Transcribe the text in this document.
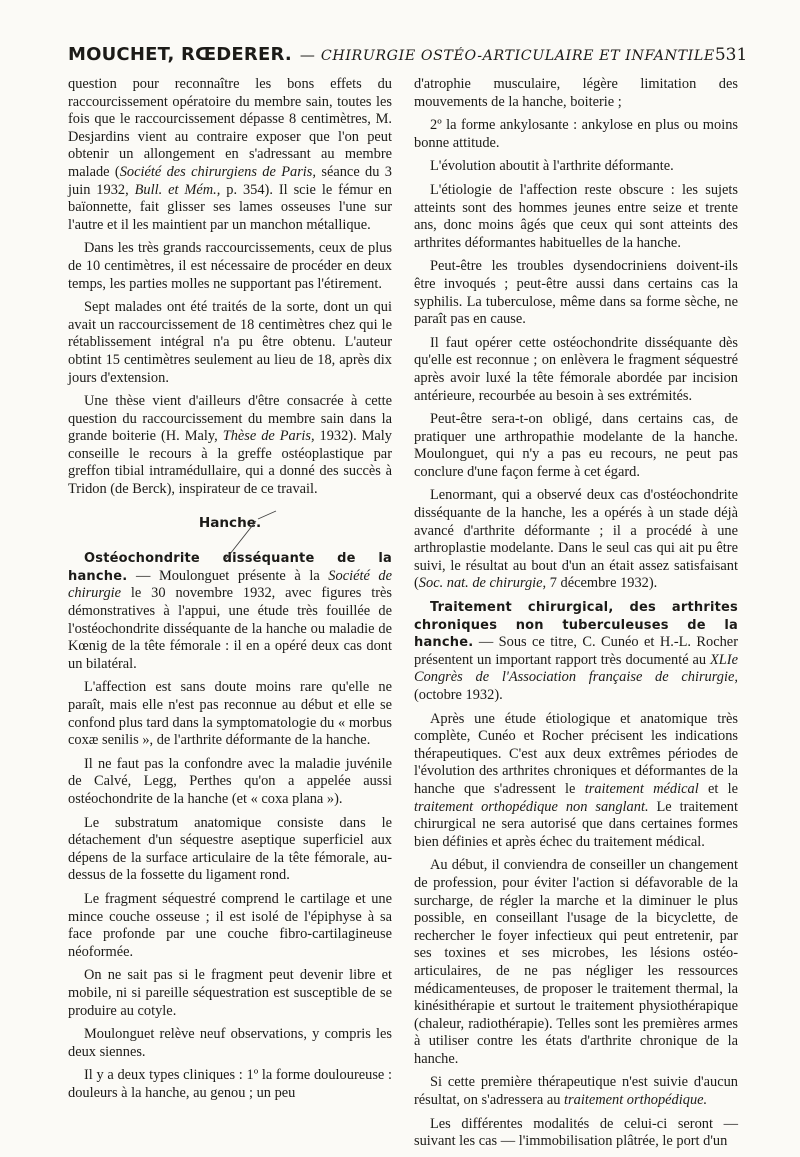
MOUCHET, RŒDERER. — CHIRURGIE OSTÉO-ARTICULAIRE ET INFANTILE 531

question pour reconnaître les bons effets du raccourcissement opératoire du membre sain, toutes les fois que le raccourcissement dépasse 8 centimètres, M. Desjardins vient au contraire exposer que l'on peut obtenir un allongement en s'adressant au membre malade (Société des chirurgiens de Paris, séance du 3 juin 1932, Bull. et Mém., p. 354). Il scie le fémur en baïonnette, fait glisser ses lames osseuses l'une sur l'autre et il les maintient par un manchon métallique.

Dans les très grands raccourcissements, ceux de plus de 10 centimètres, il est nécessaire de procéder en deux temps, les parties molles ne supportant pas l'étirement.

Sept malades ont été traités de la sorte, dont un qui avait un raccourcissement de 18 centimètres chez qui le rétablissement intégral n'a pu être obtenu. L'auteur obtint 15 centimètres seulement au lieu de 18, après dix jours d'extension.

Une thèse vient d'ailleurs d'être consacrée à cette question du raccourcissement du membre sain dans la grande boiterie (H. Maly, Thèse de Paris, 1932). Maly conseille le recours à la greffe ostéoplastique par greffon tibial intramédullaire, qui a donné des succès à Tridon (de Berck), inspirateur de ce travail.

Hanche.

Ostéochondrite disséquante de la hanche. — Moulonguet présente à la Société de chirurgie le 30 novembre 1932, avec figures très démonstratives à l'appui, une étude très fouillée de l'ostéochondrite disséquante de la hanche ou maladie de Kœnig de la tête fémorale : il en a opéré deux cas dont un bilatéral.

L'affection est sans doute moins rare qu'elle ne paraît, mais elle n'est pas reconnue au début et elle se confond plus tard dans la symptomatologie du « morbus coxæ senilis », de l'arthrite déformante de la hanche.

Il ne faut pas la confondre avec la maladie juvénile de Calvé, Legg, Perthes qu'on a appelée aussi ostéochondrite de la hanche (et « coxa plana »).

Le substratum anatomique consiste dans le détachement d'un séquestre aseptique superficiel aux dépens de la surface articulaire de la tête fémorale, au-dessus de la fossette du ligament rond.

Le fragment séquestré comprend le cartilage et une mince couche osseuse ; il est isolé de l'épiphyse à sa face profonde par une couche fibro-cartilagineuse néoformée.

On ne sait pas si le fragment peut devenir libre et mobile, ni si pareille séquestration est susceptible de se produire au cotyle.

Moulonguet relève neuf observations, y compris les deux siennes.

Il y a deux types cliniques : 1º la forme douloureuse : douleurs à la hanche, au genou ; un peu

d'atrophie musculaire, légère limitation des mouvements de la hanche, boiterie ;

2º la forme ankylosante : ankylose en plus ou moins bonne attitude.

L'évolution aboutit à l'arthrite déformante.

L'étiologie de l'affection reste obscure : les sujets atteints sont des hommes jeunes entre seize et trente ans, donc moins âgés que ceux qui sont atteints des arthrites déformantes habituelles de la hanche.

Peut-être les troubles dysendocriniens doivent-ils être invoqués ; peut-être aussi dans certains cas la syphilis. La tuberculose, même dans sa forme sèche, ne paraît pas en cause.

Il faut opérer cette ostéochondrite disséquante dès qu'elle est reconnue ; on enlèvera le fragment séquestré après avoir luxé la tête fémorale abordée par incision antérieure, recourbée au besoin à ses extrémités.

Peut-être sera-t-on obligé, dans certains cas, de pratiquer une arthropathie modelante de la hanche. Moulonguet, qui n'y a pas eu recours, ne peut pas conclure d'une façon ferme à cet égard.

Lenormant, qui a observé deux cas d'ostéochondrite disséquante de la hanche, les a opérés à un stade déjà avancé d'arthrite déformante ; il a procédé à une arthroplastie modelante. Dans le seul cas qui ait pu être suivi, le résultat au bout d'un an était assez satisfaisant (Soc. nat. de chirurgie, 7 décembre 1932).

Traitement chirurgical, des arthrites chroniques non tuberculeuses de la hanche. — Sous ce titre, C. Cunéo et H.-L. Rocher présentent un important rapport très documenté au XLIe Congrès de l'Association française de chirurgie, (octobre 1932).

Après une étude étiologique et anatomique très complète, Cunéo et Rocher précisent les indications thérapeutiques. C'est aux deux extrêmes périodes de l'évolution des arthrites chroniques et déformantes de la hanche que s'adressent le traitement médical et le traitement orthopédique non sanglant. Le traitement chirurgical ne sera autorisé que dans certaines formes bien définies et après échec du traitement médical.

Au début, il conviendra de conseiller un changement de profession, pour éviter l'action si défavorable de la surcharge, de régler la marche et la diminuer le plus possible, en conseillant l'usage de la bicyclette, de rechercher le foyer infectieux qui peut entretenir, par ses toxines et ses microbes, les lésions ostéo-articulaires, de ne pas négliger les ressources médicamenteuses, de proposer le traitement thermal, la kinésithérapie et surtout le traitement physiothérapique (chaleur, radiothérapie). Telles sont les premières armes à utiliser contre les états d'arthrite chronique de la hanche.

Si cette première thérapeutique n'est suivie d'aucun résultat, on s'adressera au traitement orthopédique.

Les différentes modalités de celui-ci seront — suivant les cas — l'immobilisation plâtrée, le port d'un
